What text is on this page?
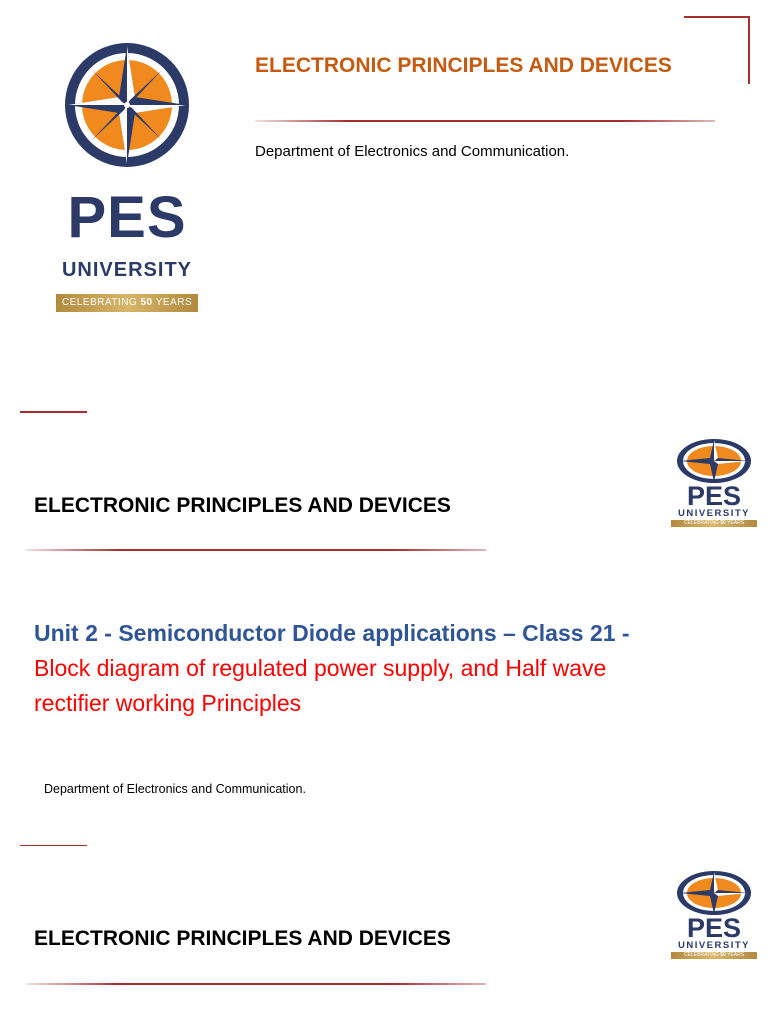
PES
UNIVERSITY
CELEBRATING 50 YEARS
ELECTRONIC PRINCIPLES AND DEVICES
Department of Electronics and Communication.
PES
UNIVERSITY
CELEBRATING 50 YEARS
ELECTRONIC PRINCIPLES AND DEVICES
Unit 2 - Semiconductor Diode applications – Class 21 -
Block diagram of regulated power supply, and Half wave
rectifier working Principles
Department of Electronics and Communication.
PES
UNIVERSITY
CELEBRATING 50 YEARS
ELECTRONIC PRINCIPLES AND DEVICES
